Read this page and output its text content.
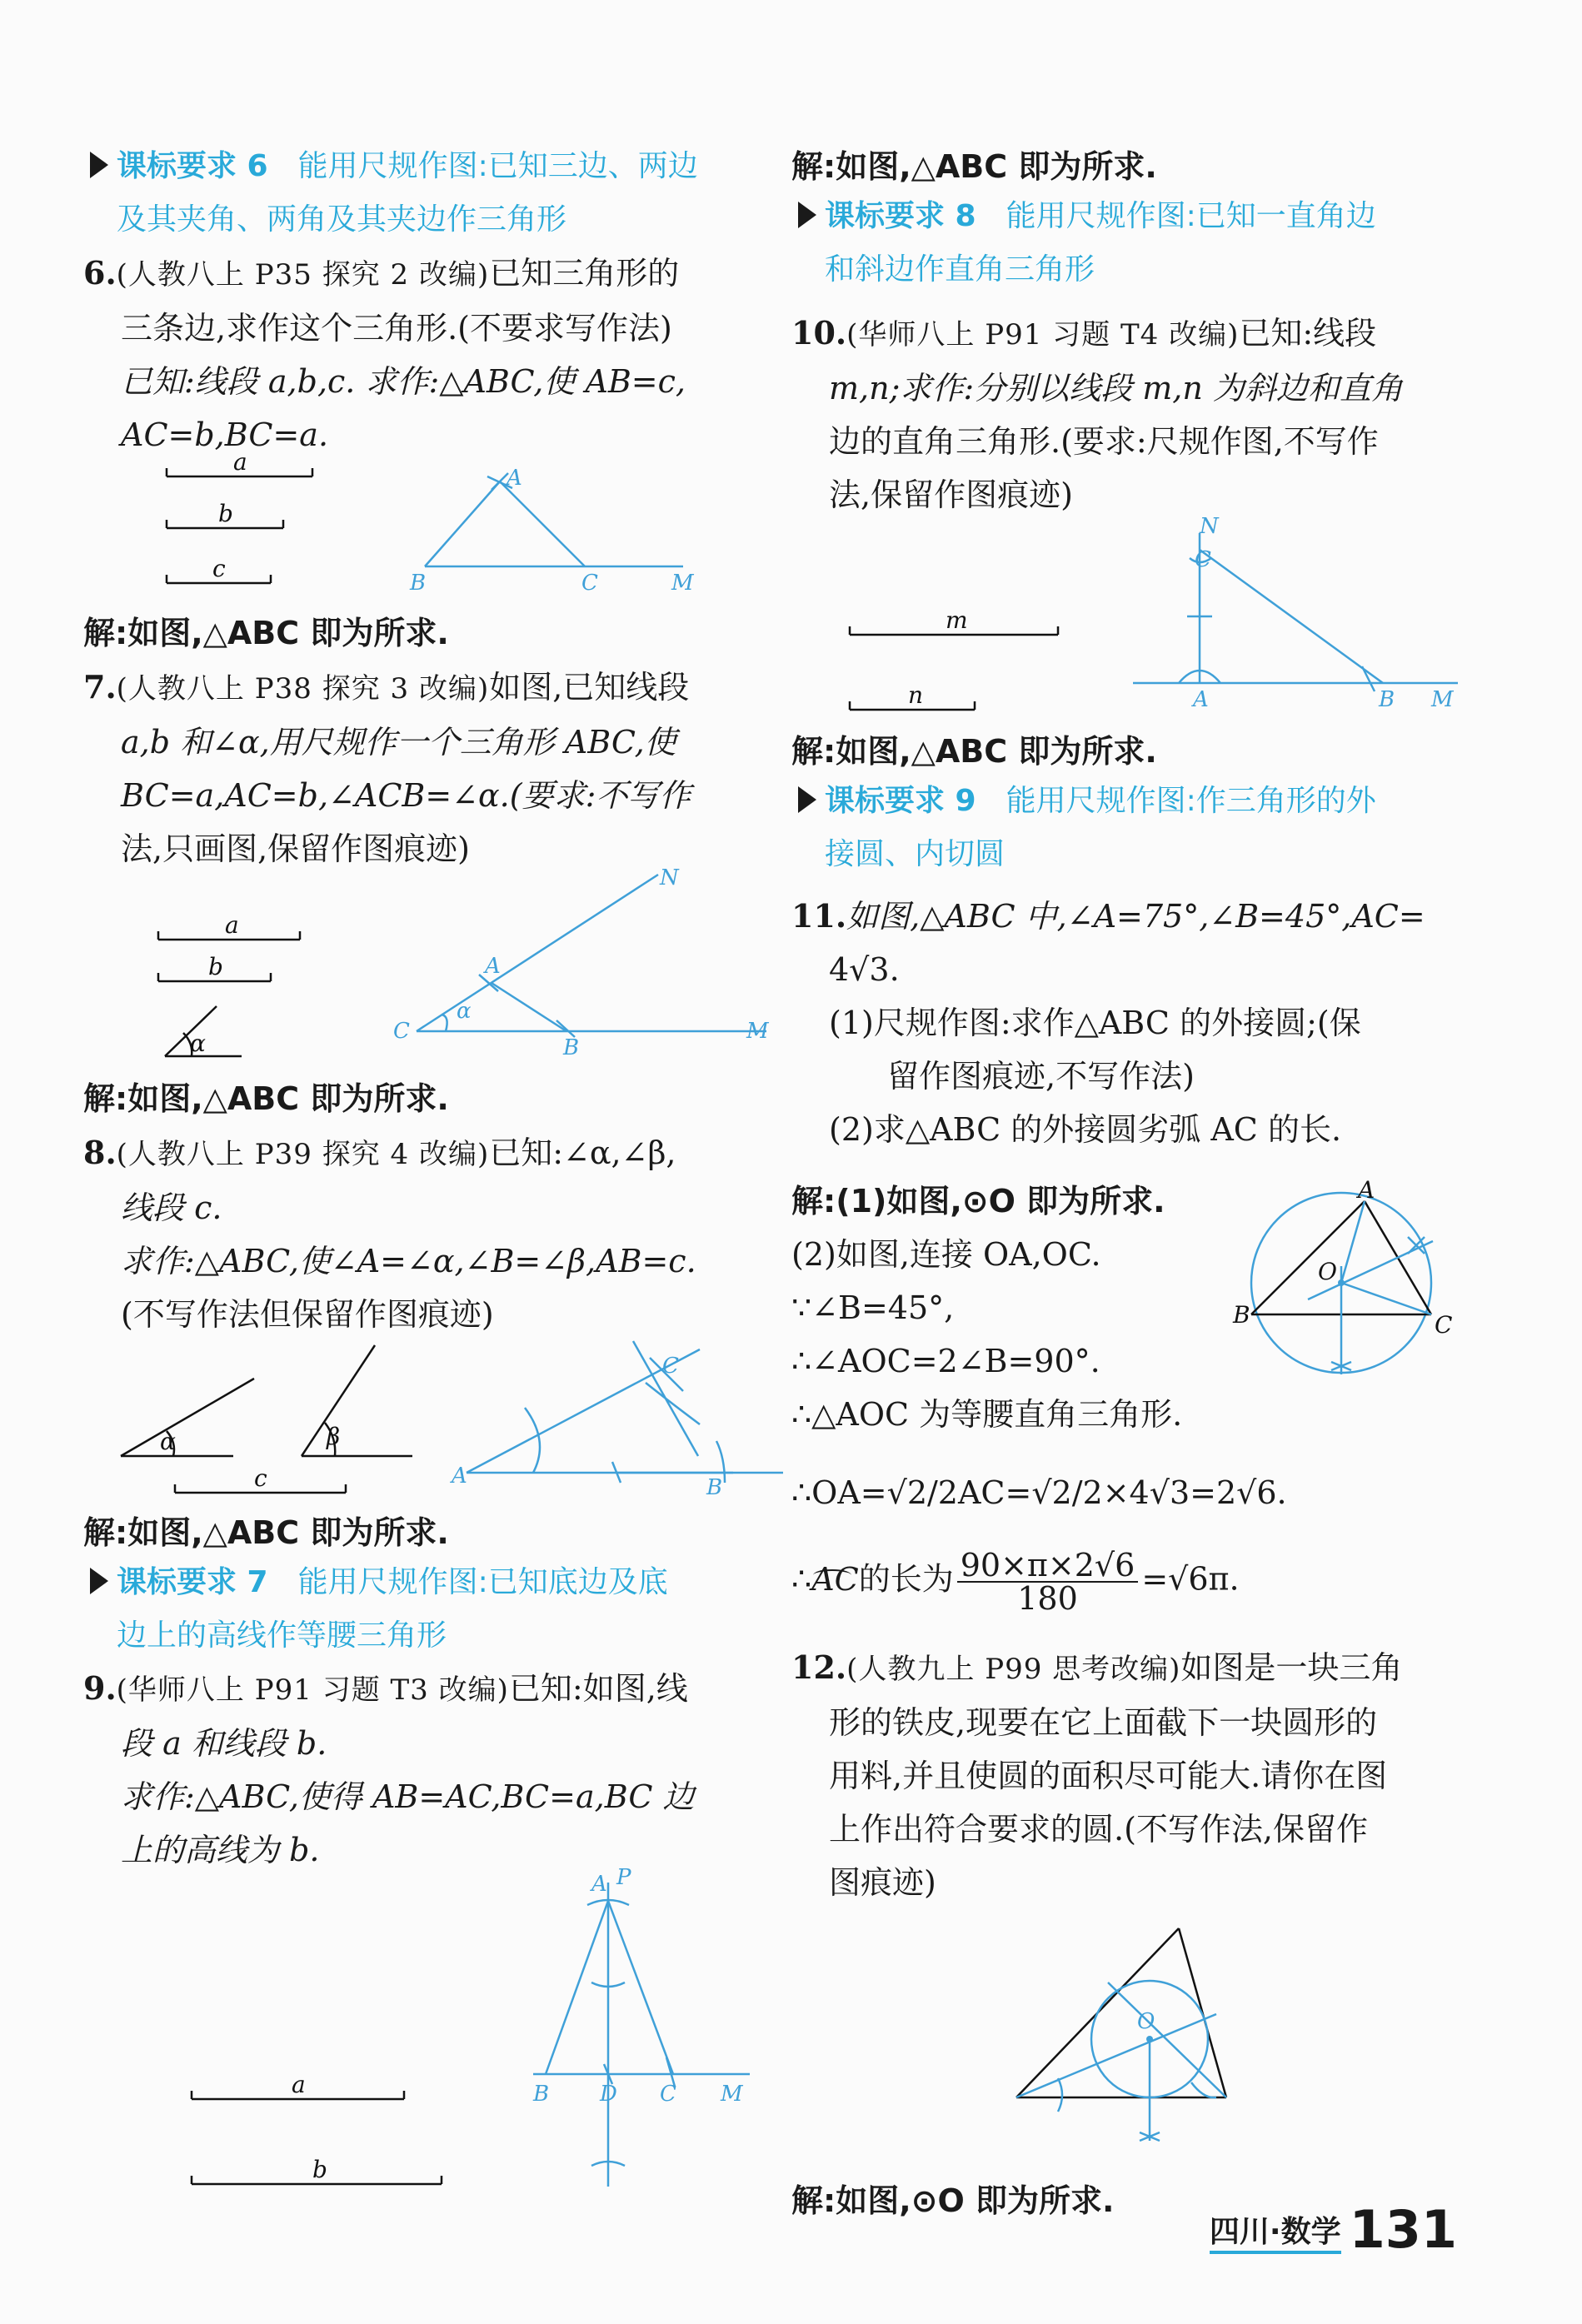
课标要求 6 能用尺规作图:已知三边、两边
及其夹角、两角及其夹边作三角形
6.(人教八上 P35 探究 2 改编)已知三角形的

三条边,求作这个三角形.(不要求写作法)
已知:线段 a,b,c. 求作:△ABC,使 AB=c,
AC=b,BC=a.
a
b
c
A
B	C	M
解:如图,△ABC 即为所求.
7.(人教八上 P38 探究 3 改编)如图,已知线段

a,b 和∠α,用尺规作一个三角形 ABC,使
BC=a,AC=b,∠ACB=∠α.(要求:不写作
法,只画图,保留作图痕迹)
a
b
α
N
A
α
C
B
M
解:如图,△ABC 即为所求.
8.(人教八上 P39 探究 4 改编)已知:∠α,∠β,

线段 c.
求作:△ABC,使∠A=∠α,∠B=∠β,AB=c.
(不写作法但保留作图痕迹)
α	β
c
C
A	B
解:如图,△ABC 即为所求.
课标要求 7 能用尺规作图:已知底边及底
边上的高线作等腰三角形
9.(华师八上 P91 习题 T3 改编)已知:如图,线

段 a 和线段 b.
求作:△ABC,使得 AB=AC,BC=a,BC 边
上的高线为 b.
a
b
A P
B D C M
解:如图,△ABC 即为所求.
课标要求 8 能用尺规作图:已知一直角边
和斜边作直角三角形
10.(华师八上 P91 习题 T4 改编)已知:线段

m,n;求作:分别以线段 m,n 为斜边和直角
边的直角三角形.(要求:尺规作图,不写作
法,保留作图痕迹)
m
n
N
C
A	B M
解:如图,△ABC 即为所求.
课标要求 9 能用尺规作图:作三角形的外
接圆、内切圆
11.如图,△ABC 中,∠A=75°,∠B=45°,AC=

4√3.
(1)尺规作图:求作△ABC 的外接圆;(保
留作图痕迹,不写作法)
(2)求△ABC 的外接圆劣弧 AC 的长.
解:(1)如图,⊙O 即为所求.
(2)如图,连接 OA,OC.
∵∠B=45°,
∴∠AOC=2∠B=90°.
∴△AOC 为等腰直角三角形.
∴OA=√2/2AC=√2/2×4√3=2√6.
∴
AC的长为 $\frac{90\times\pi\times 2√6}{180} =√6\pi$.
A
O
B	C
12.(人教九上 P99 思考改编)如图是一块三角

形的铁皮,现要在它上面截下一块圆形的
用料,并且使圆的面积尽可能大.请你在图
上作出符合要求的圆.(不写作法,保留作
图痕迹)
O
解:如图,⊙O 即为所求.
四川·数学 131
